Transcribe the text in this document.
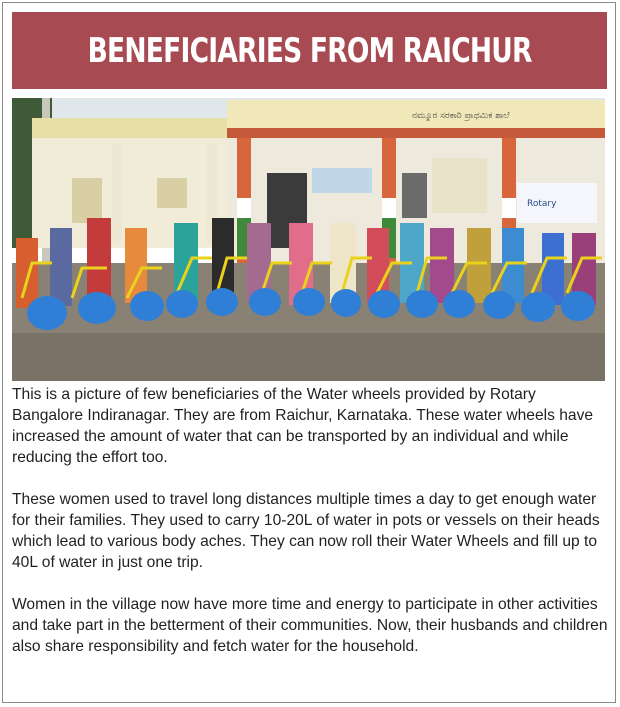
BENEFICIARIES FROM RAICHUR
ನಮ್ಮೂರ ಸರಕಾರಿ ಪ್ರಾಥಮಿಕ ಶಾಲೆ
Rotary

This is a picture of few beneficiaries of the Water wheels provided by Rotary Bangalore Indiranagar. They are from Raichur, Karnataka. These water wheels have increased the amount of water that can be transported by an individual and while reducing the effort too.

These women used to travel long distances multiple times a day to get enough water for their families. They used to carry 10-20L of water in pots or vessels on their heads which lead to various body aches. They can now roll their Water Wheels and fill up to 40L of water in just one trip.

Women in the village now have more time and energy to participate in other activities and take part in the betterment of their communities. Now, their husbands and children also share responsibility and fetch water for the household.
